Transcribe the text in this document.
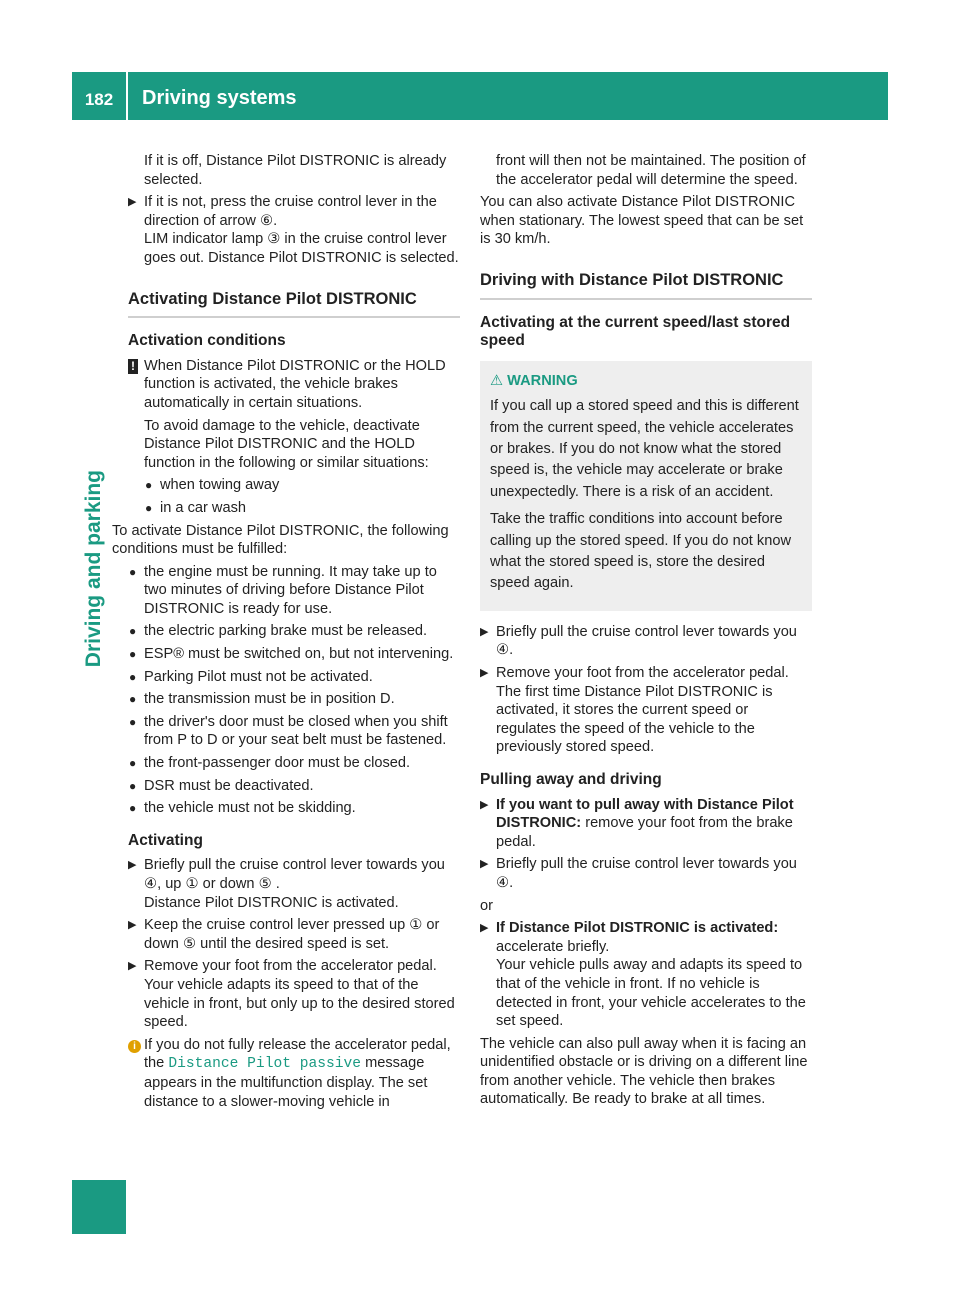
182	Driving systems
Driving and parking

If it is off, Distance Pilot DISTRONIC is already selected.

▶ If it is not, press the cruise control lever in the direction of arrow ⑥.
LIM indicator lamp ③ in the cruise control lever goes out. Distance Pilot DISTRONIC is selected.
Activating Distance Pilot DISTRONIC
Activation conditions
! When Distance Pilot DISTRONIC or the HOLD function is activated, the vehicle brakes automatically in certain situations.

To avoid damage to the vehicle, deactivate Distance Pilot DISTRONIC and the HOLD function in the following or similar situations:

● when towing away
● in a car wash

To activate Distance Pilot DISTRONIC, the following conditions must be fulfilled:

● the engine must be running. It may take up to two minutes of driving before Distance Pilot DISTRONIC is ready for use.
● the electric parking brake must be released.
● ESP® must be switched on, but not intervening.
● Parking Pilot must not be activated.
● the transmission must be in position D.
● the driver's door must be closed when you shift from P to D or your seat belt must be fastened.
● the front-passenger door must be closed.
● DSR must be deactivated.
● the vehicle must not be skidding.
Activating
▶ Briefly pull the cruise control lever towards you ④, up ① or down ⑤ .
Distance Pilot DISTRONIC is activated.
▶ Keep the cruise control lever pressed up ① or down ⑤ until the desired speed is set.
▶ Remove your foot from the accelerator pedal. Your vehicle adapts its speed to that of the vehicle in front, but only up to the desired stored speed.
i If you do not fully release the accelerator pedal, the Distance Pilot passive message appears in the multifunction display. The set distance to a slower-moving vehicle in

front will then not be maintained. The position of the accelerator pedal will determine the speed.

You can also activate Distance Pilot DISTRONIC when stationary. The lowest speed that can be set is 30 km/h.

Driving with Distance Pilot DISTRONIC
Activating at the current speed/last stored speed
⚠ WARNING

If you call up a stored speed and this is different from the current speed, the vehicle accelerates or brakes. If you do not know what the stored speed is, the vehicle may accelerate or brake unexpectedly. There is a risk of an accident.

Take the traffic conditions into account before calling up the stored speed. If you do not know what the stored speed is, store the desired speed again.

▶ Briefly pull the cruise control lever towards you ④.
▶ Remove your foot from the accelerator pedal. The first time Distance Pilot DISTRONIC is activated, it stores the current speed or regulates the speed of the vehicle to the previously stored speed.
Pulling away and driving
▶ If you want to pull away with Distance Pilot DISTRONIC: remove your foot from the brake pedal.
▶ Briefly pull the cruise control lever towards you ④.

or

▶ If Distance Pilot DISTRONIC is activated:
accelerate briefly.
Your vehicle pulls away and adapts its speed to that of the vehicle in front. If no vehicle is detected in front, your vehicle accelerates to the set speed.

The vehicle can also pull away when it is facing an unidentified obstacle or is driving on a different line from another vehicle. The vehicle then brakes automatically. Be ready to brake at all times.
